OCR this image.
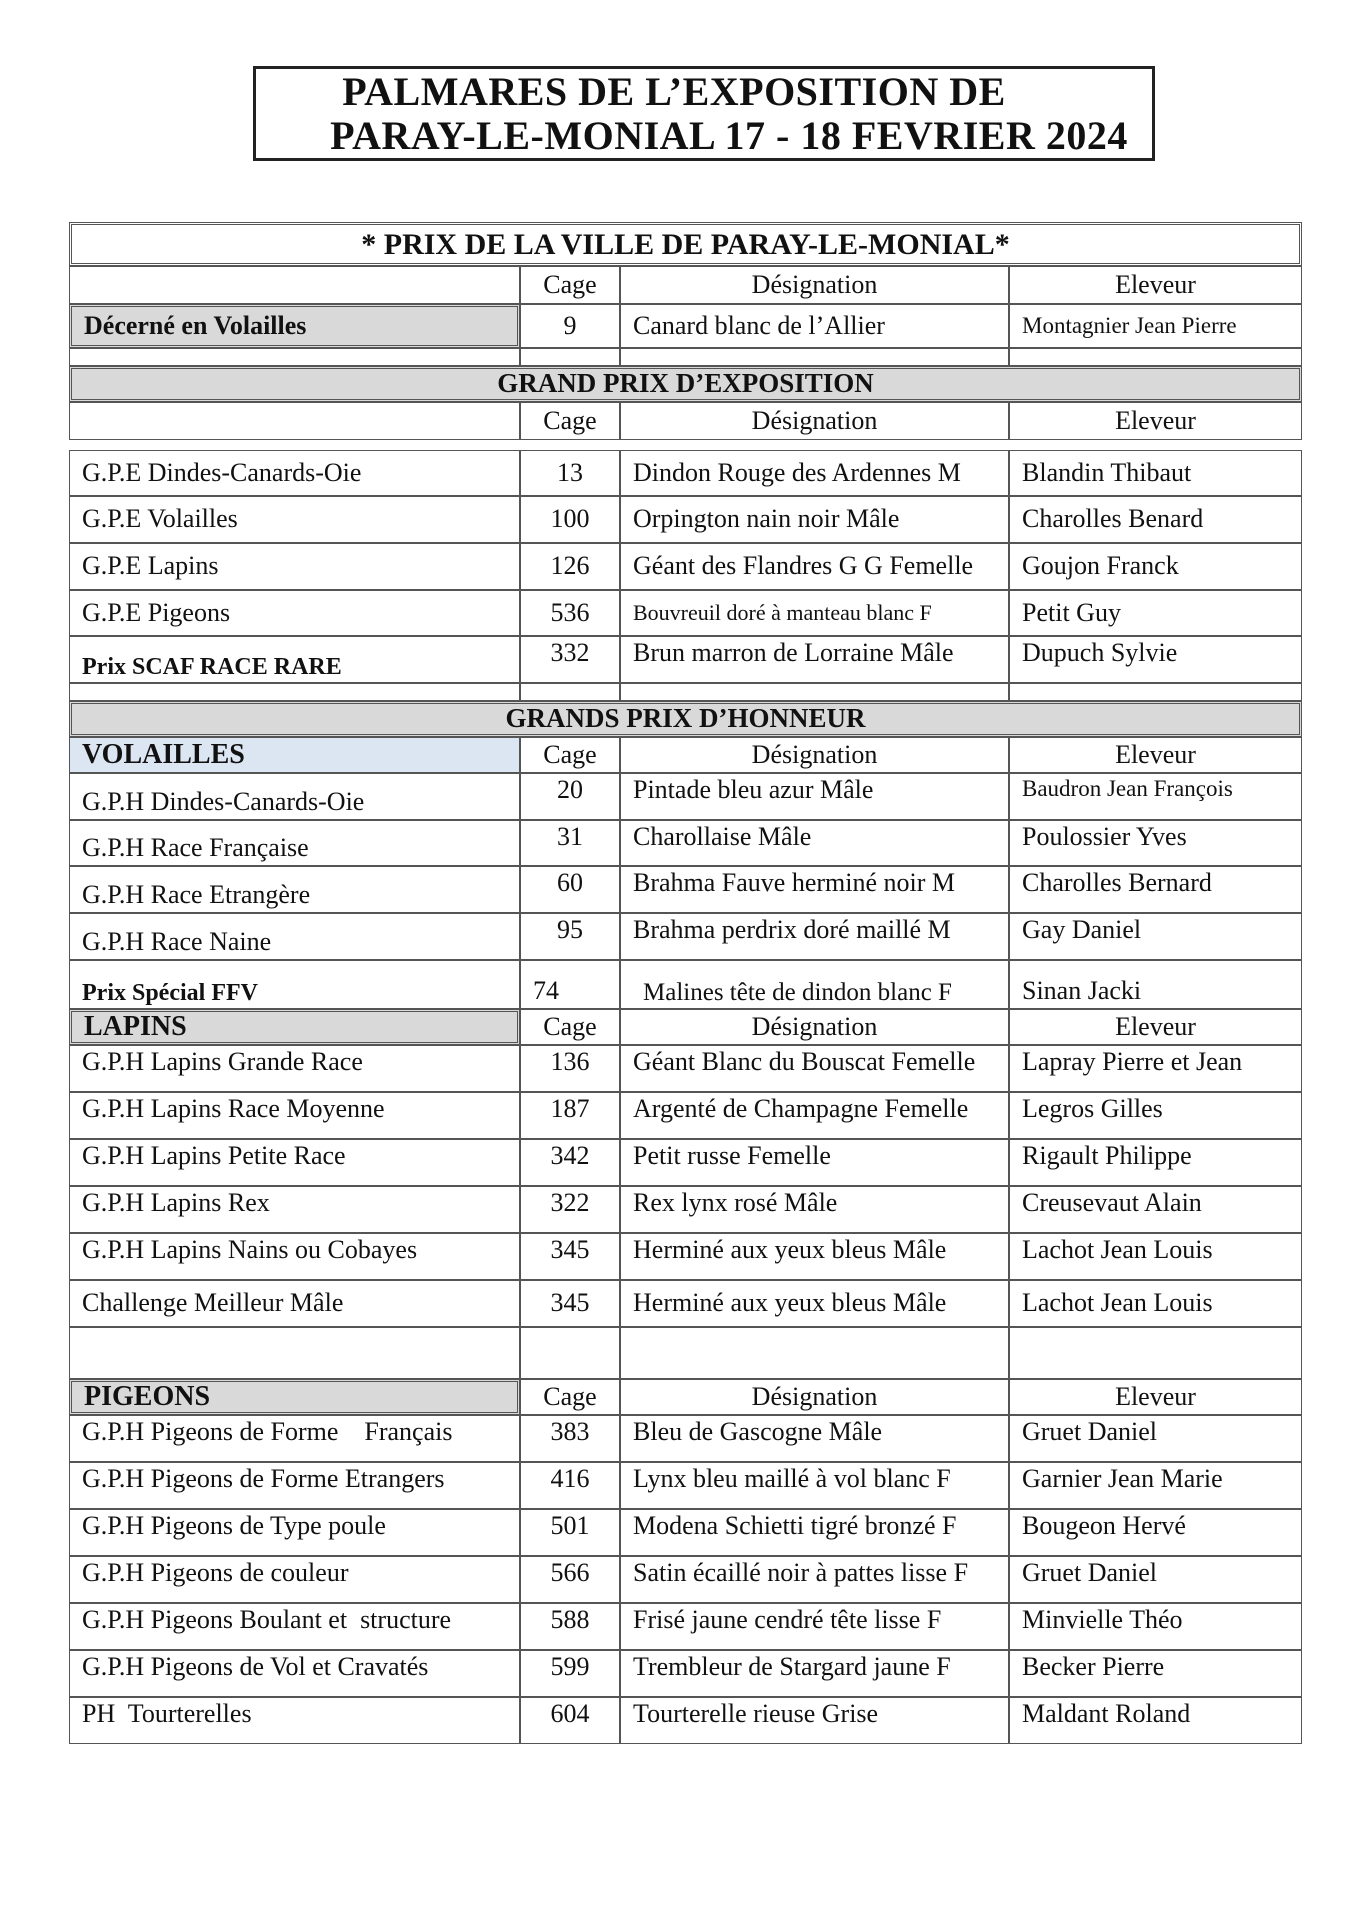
PALMARES DE L’EXPOSITION DE
PARAY-LE-MONIAL 17 - 18 FEVRIER 2024
* PRIX DE LA VILLE DE PARAY-LE-MONIAL*
Cage	Désignation	Eleveur
Décerné en Volailles	9	Canard blanc de l’Allier	Montagnier Jean Pierre
GRAND PRIX D’EXPOSITION
Cage	Désignation	Eleveur
G.P.E Dindes-Canards-Oie	13	Dindon Rouge des Ardennes M	Blandin Thibaut
G.P.E Volailles	100	Orpington nain noir Mâle	Charolles Benard
G.P.E Lapins	126	Géant des Flandres G G Femelle	Goujon Franck
G.P.E Pigeons	536	Bouvreuil doré à manteau blanc F	Petit Guy
Prix SCAF RACE RARE	332	Brun marron de Lorraine Mâle	Dupuch Sylvie
GRANDS PRIX D’HONNEUR
VOLAILLES	Cage	Désignation	Eleveur
G.P.H Dindes-Canards-Oie	20	Pintade bleu azur Mâle	Baudron Jean François
G.P.H Race Française	31	Charollaise Mâle	Poulossier Yves
G.P.H Race Etrangère	60	Brahma Fauve herminé noir M	Charolles Bernard
G.P.H Race Naine	95	Brahma perdrix doré maillé M	Gay Daniel
Prix Spécial FFV	74	Malines tête de dindon blanc F	Sinan Jacki
LAPINS	Cage	Désignation	Eleveur
G.P.H Lapins Grande Race	136	Géant Blanc du Bouscat Femelle	Lapray Pierre et Jean
G.P.H Lapins Race Moyenne	187	Argenté de Champagne Femelle	Legros Gilles
G.P.H Lapins Petite Race	342	Petit russe Femelle	Rigault Philippe
G.P.H Lapins Rex	322	Rex lynx rosé Mâle	Creusevaut Alain
G.P.H Lapins Nains ou Cobayes	345	Herminé aux yeux bleus Mâle	Lachot Jean Louis
Challenge Meilleur Mâle	345	Herminé aux yeux bleus Mâle	Lachot Jean Louis
PIGEONS	Cage	Désignation	Eleveur
G.P.H Pigeons de Forme    Français	383	Bleu de Gascogne Mâle	Gruet Daniel
G.P.H Pigeons de Forme Etrangers	416	Lynx bleu maillé à vol blanc F	Garnier Jean Marie
G.P.H Pigeons de Type poule	501	Modena Schietti tigré bronzé F	Bougeon Hervé
G.P.H Pigeons de couleur	566	Satin écaillé noir à pattes lisse F	Gruet Daniel
G.P.H Pigeons Boulant et  structure	588	Frisé jaune cendré tête lisse F	Minvielle Théo
G.P.H Pigeons de Vol et Cravatés	599	Trembleur de Stargard jaune F	Becker Pierre
PH  Tourterelles	604	Tourterelle rieuse Grise	Maldant Roland
